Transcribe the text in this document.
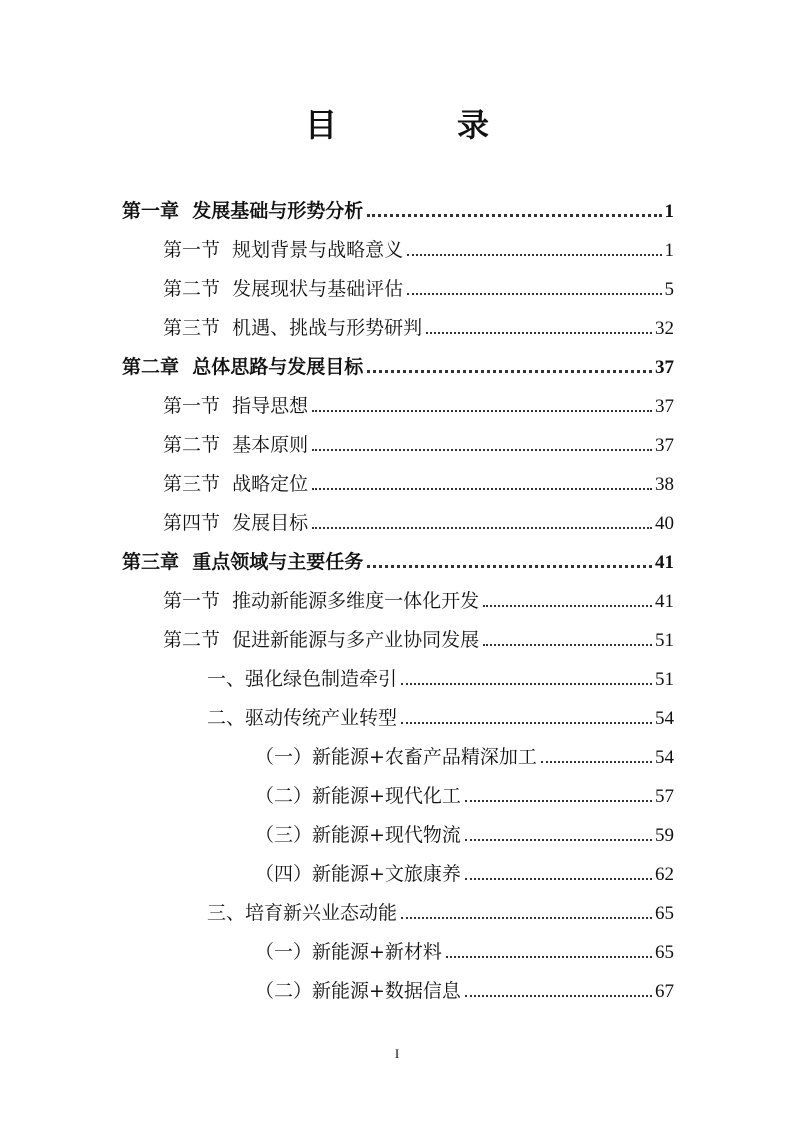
目　录
第一章  发展基础与形势分析	1
第一节  规划背景与战略意义	1
第二节  发展现状与基础评估	5
第三节  机遇、挑战与形势研判	32
第二章  总体思路与发展目标	37
第一节  指导思想	37
第二节  基本原则	37
第三节  战略定位	38
第四节  发展目标	40
第三章  重点领域与主要任务	41
第一节  推动新能源多维度一体化开发	41
第二节  促进新能源与多产业协同发展	51
一、强化绿色制造牵引	51
二、驱动传统产业转型	54
（一）新能源+农畜产品精深加工	54
（二）新能源+现代化工	57
（三）新能源+现代物流	59
（四）新能源+文旅康养	62
三、培育新兴业态动能	65
（一）新能源+新材料	65
（二）新能源+数据信息	67
I
